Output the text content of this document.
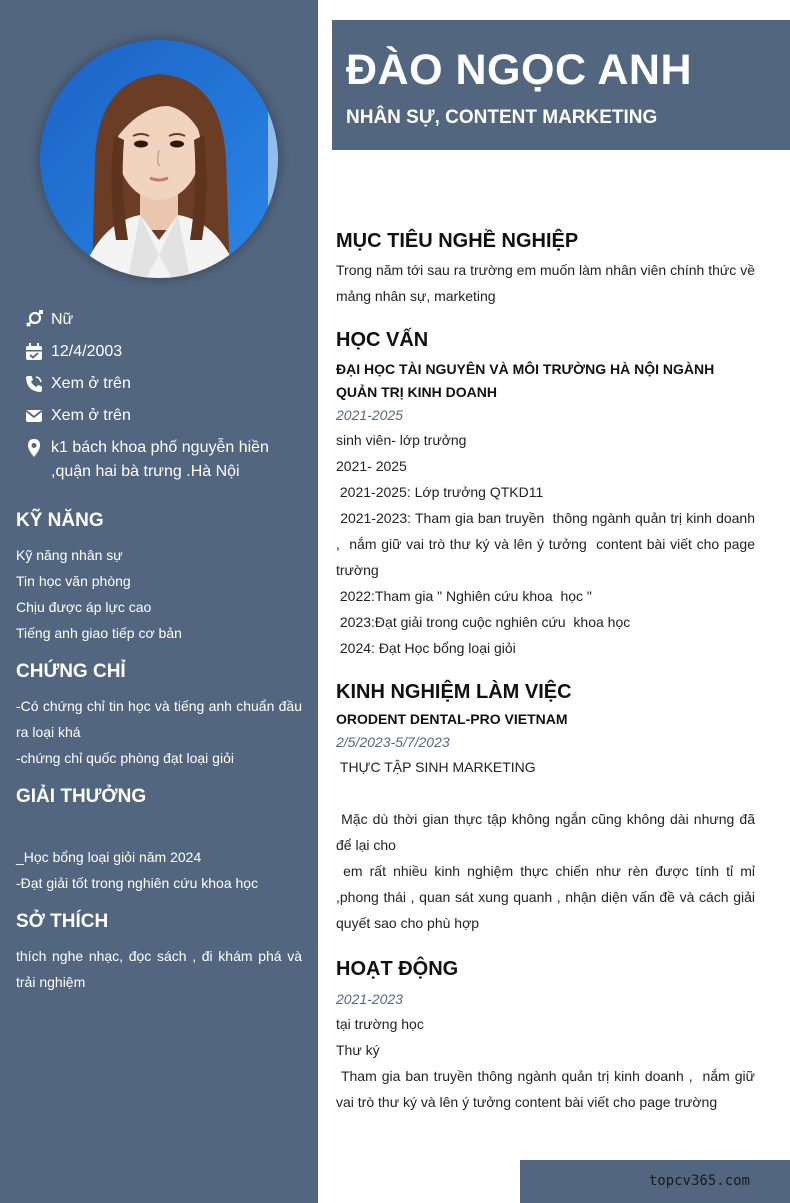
Nữ
12/4/2003
Xem ở trên
Xem ở trên
k1 bách khoa phố nguyễn hiền ,quận hai bà trưng .Hà Nội
KỸ NĂNG
Kỹ năng nhân sự
Tin học văn phòng
Chịu được áp lực cao
Tiếng anh giao tiếp cơ bản
CHỨNG CHỈ
-Có chứng chỉ tin học và tiếng anh chuẩn đầu ra loại khá
-chứng chỉ quốc phòng đạt loại giỏi
GIẢI THƯỞNG
_Học bổng loại giỏi năm 2024
-Đạt giải tốt trong nghiên cứu khoa học
SỞ THÍCH
thích nghe nhạc, đọc sách , đi khám phá và trải nghiệm
ĐÀO NGỌC ANH
NHÂN SỰ, CONTENT MARKETING
MỤC TIÊU NGHỀ NGHIỆP
Trong năm tới sau ra trường em muốn làm nhân viên chính thức về mảng nhân sự, marketing
HỌC VẤN
ĐẠI HỌC TÀI NGUYÊN VÀ MÔI TRƯỜNG HÀ NỘI NGÀNH QUẢN TRỊ KINH DOANH
2021-2025
sinh viên- lớp trưởng
2021- 2025
2021-2025: Lớp trưởng QTKD11
2021-2023: Tham gia ban truyền  thông ngành quản trị kinh doanh ,  nắm giữ vai trò thư ký và lên ý tưởng  content bài viết cho page trường
2022:Tham gia " Nghiên cứu khoa  học "
2023:Đạt giải trong cuộc nghiên cứu  khoa học
2024: Đạt Học bổng loại giỏi
KINH NGHIỆM LÀM VIỆC
ORODENT DENTAL-PRO VIETNAM
2/5/2023-5/7/2023
THỰC TẬP SINH MARKETING
Mặc dù thời gian thực tập không ngắn cũng không dài nhưng đã để lại cho
em rất nhiều kinh nghiệm thực chiến như rèn được tính tỉ mỉ ,phong thái , quan sát xung quanh , nhận diện vấn đề và cách giải quyết sao cho phù hợp
HOẠT ĐỘNG
2021-2023
tại trường học
Thư ký
Tham gia ban truyền thông ngành quản trị kinh doanh ,  nắm giữ vai trò thư ký và lên ý tưởng content bài viết cho page trường
topcv365.com
